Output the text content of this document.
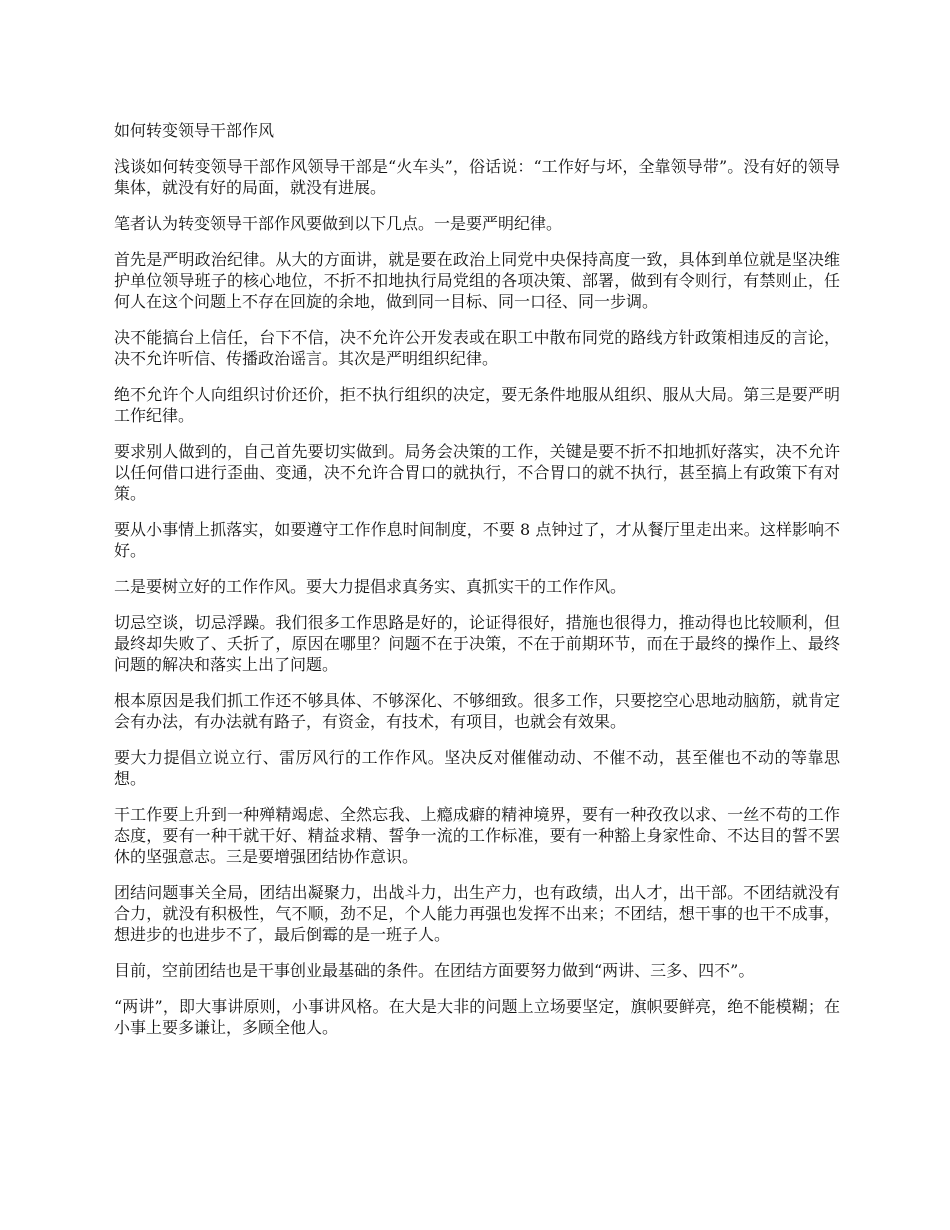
如何转变领导干部作风

浅谈如何转变领导干部作风领导干部是“火车头”，俗话说：“工作好与坏，全靠领导带”。没有好的领导集体，就没有好的局面，就没有进展。

笔者认为转变领导干部作风要做到以下几点。一是要严明纪律。

首先是严明政治纪律。从大的方面讲，就是要在政治上同党中央保持高度一致，具体到单位就是坚决维护单位领导班子的核心地位，不折不扣地执行局党组的各项决策、部署，做到有令则行，有禁则止，任何人在这个问题上不存在回旋的余地，做到同一目标、同一口径、同一步调。

决不能搞台上信任，台下不信，决不允许公开发表或在职工中散布同党的路线方针政策相违反的言论，决不允许听信、传播政治谣言。其次是严明组织纪律。

绝不允许个人向组织讨价还价，拒不执行组织的决定，要无条件地服从组织、服从大局。第三是要严明工作纪律。

要求别人做到的，自己首先要切实做到。局务会决策的工作，关键是要不折不扣地抓好落实，决不允许以任何借口进行歪曲、变通，决不允许合胃口的就执行，不合胃口的就不执行，甚至搞上有政策下有对策。

要从小事情上抓落实，如要遵守工作作息时间制度，不要 8 点钟过了，才从餐厅里走出来。这样影响不好。

二是要树立好的工作作风。要大力提倡求真务实、真抓实干的工作作风。

切忌空谈，切忌浮躁。我们很多工作思路是好的，论证得很好，措施也很得力，推动得也比较顺利，但最终却失败了、夭折了，原因在哪里？问题不在于决策，不在于前期环节，而在于最终的操作上、最终问题的解决和落实上出了问题。

根本原因是我们抓工作还不够具体、不够深化、不够细致。很多工作，只要挖空心思地动脑筋，就肯定会有办法，有办法就有路子，有资金，有技术，有项目，也就会有效果。

要大力提倡立说立行、雷厉风行的工作作风。坚决反对催催动动、不催不动，甚至催也不动的等靠思想。

干工作要上升到一种殚精竭虑、全然忘我、上瘾成癖的精神境界，要有一种孜孜以求、一丝不苟的工作态度，要有一种干就干好、精益求精、誓争一流的工作标准，要有一种豁上身家性命、不达目的誓不罢休的坚强意志。三是要增强团结协作意识。

团结问题事关全局，团结出凝聚力，出战斗力，出生产力，也有政绩，出人才，出干部。不团结就没有合力，就没有积极性，气不顺，劲不足，个人能力再强也发挥不出来；不团结，想干事的也干不成事，想进步的也进步不了，最后倒霉的是一班子人。

目前，空前团结也是干事创业最基础的条件。在团结方面要努力做到“两讲、三多、四不”。

“两讲”，即大事讲原则，小事讲风格。在大是大非的问题上立场要坚定，旗帜要鲜亮，绝不能模糊；在小事上要多谦让，多顾全他人。
